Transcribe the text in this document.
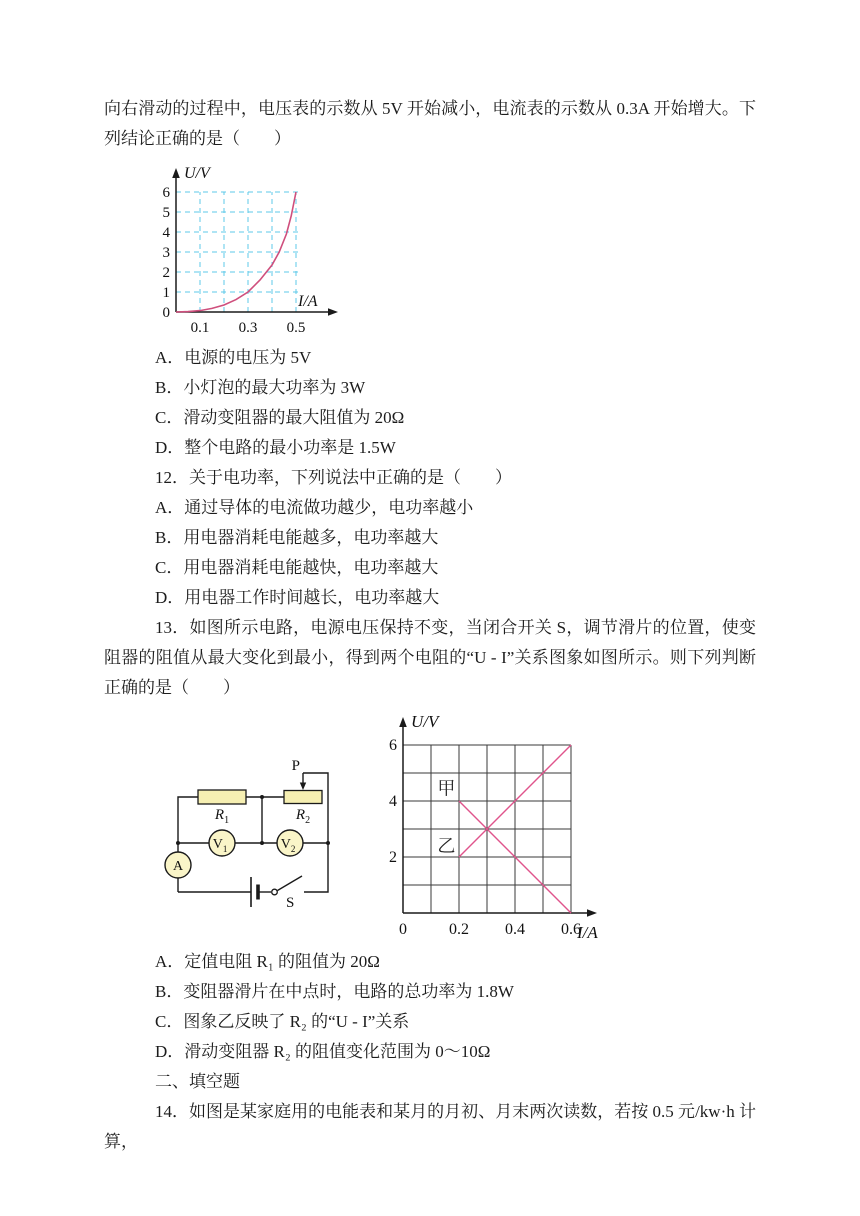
向右滑动的过程中，电压表的示数从 5V 开始减小，电流表的示数从 0.3A 开始增大。下列结论正确的是（　　）

0
1
2
3
4
5
6
0.1 0.3 0.5
U/V
I/A

A．电源的电压为 5V

B．小灯泡的最大功率为 3W

C．滑动变阻器的最大阻值为 20Ω

D．整个电路的最小功率是 1.5W

12．关于电功率，下列说法中正确的是（　　）

A．通过导体的电流做功越少，电功率越小

B．用电器消耗电能越多，电功率越大

C．用电器消耗电能越快，电功率越大

D．用电器工作时间越长，电功率越大

13．如图所示电路，电源电压保持不变，当闭合开关 S，调节滑片的位置，使变阻器的阻值从最大变化到最小，得到两个电阻的“U - I”关系图象如图所示。则下列判断正确的是（　　）

$R_1$	$R_2$
P
S
A
$V_1$	$V_2$	2
4
6
0	0.2 0.4 0.6
U/V
I/A
甲
乙

A．定值电阻 R₁ 的阻值为 20Ω

B．变阻器滑片在中点时，电路的总功率为 1.8W

C．图象乙反映了 R₂ 的“U - I”关系

D．滑动变阻器 R₂ 的阻值变化范围为 0～10Ω

二、填空题

14．如图是某家庭用的电能表和某月的月初、月末两次读数，若按 0.5 元/kw·h 计算，
